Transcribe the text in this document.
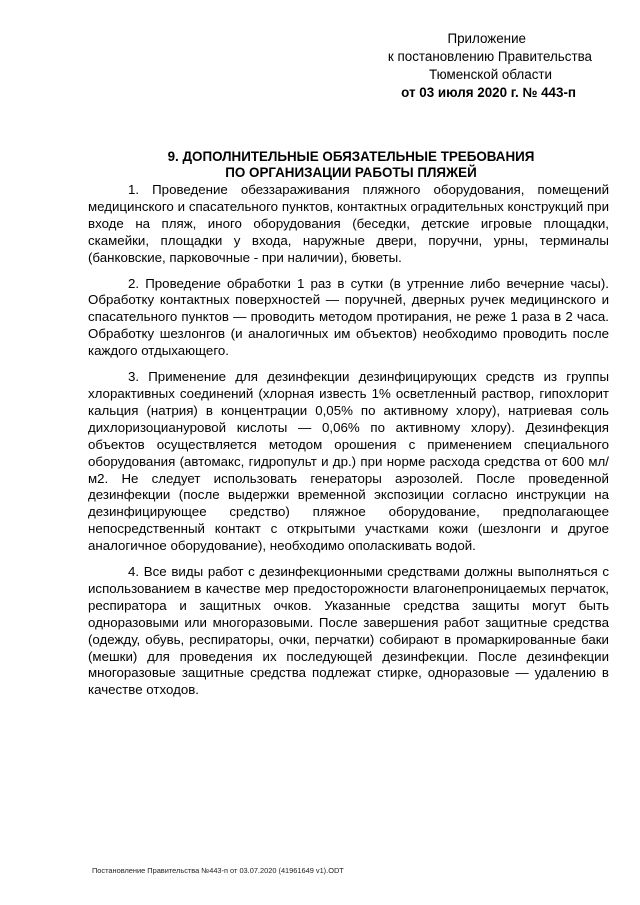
Приложение
к постановлению Правительства
Тюменской области
от 03 июля 2020 г. № 443-п
9. ДОПОЛНИТЕЛЬНЫЕ ОБЯЗАТЕЛЬНЫЕ ТРЕБОВАНИЯ
ПО ОРГАНИЗАЦИИ РАБОТЫ ПЛЯЖЕЙ

1. Проведение обеззараживания пляжного оборудования, помещений медицинского и спасательного пунктов, контактных оградительных конструкций при входе на пляж, иного оборудования (беседки, детские игровые площадки, скамейки, площадки у входа, наружные двери, поручни, урны, терминалы (банковские, парковочные - при наличии), бюветы.

2. Проведение обработки 1 раз в сутки (в утренние либо вечерние часы). Обработку контактных поверхностей — поручней, дверных ручек медицинского и спасательного пунктов — проводить методом протирания, не реже 1 раза в 2 часа. Обработку шезлонгов (и аналогичных им объектов) необходимо проводить после каждого отдыхающего.

3. Применение для дезинфекции дезинфицирующих средств из группы хлорактивных соединений (хлорная известь 1% осветленный раствор, гипохлорит кальция (натрия) в концентрации 0,05% по активному хлору), натриевая соль дихлоризоциануровой кислоты — 0,06% по активному хлору). Дезинфекция объектов осуществляется методом орошения с применением специального оборудования (автомакс, гидропульт и др.) при норме расхода средства от 600 мл/м2. Не следует использовать генераторы аэрозолей. После проведенной дезинфекции (после выдержки временной экспозиции согласно инструкции на дезинфицирующее средство) пляжное оборудование, предполагающее непосредственный контакт с открытыми участками кожи (шезлонги и другое аналогичное оборудование), необходимо ополаскивать водой.

4. Все виды работ с дезинфекционными средствами должны выполняться с использованием в качестве мер предосторожности влагонепроницаемых перчаток, респиратора и защитных очков. Указанные средства защиты могут быть одноразовыми или многоразовыми. После завершения работ защитные средства (одежду, обувь, респираторы, очки, перчатки) собирают в промаркированные баки (мешки) для проведения их последующей дезинфекции. После дезинфекции многоразовые защитные средства подлежат стирке, одноразовые — удалению в качестве отходов.

Постановление Правительства №443-п от 03.07.2020 (41961649 v1).ODT
